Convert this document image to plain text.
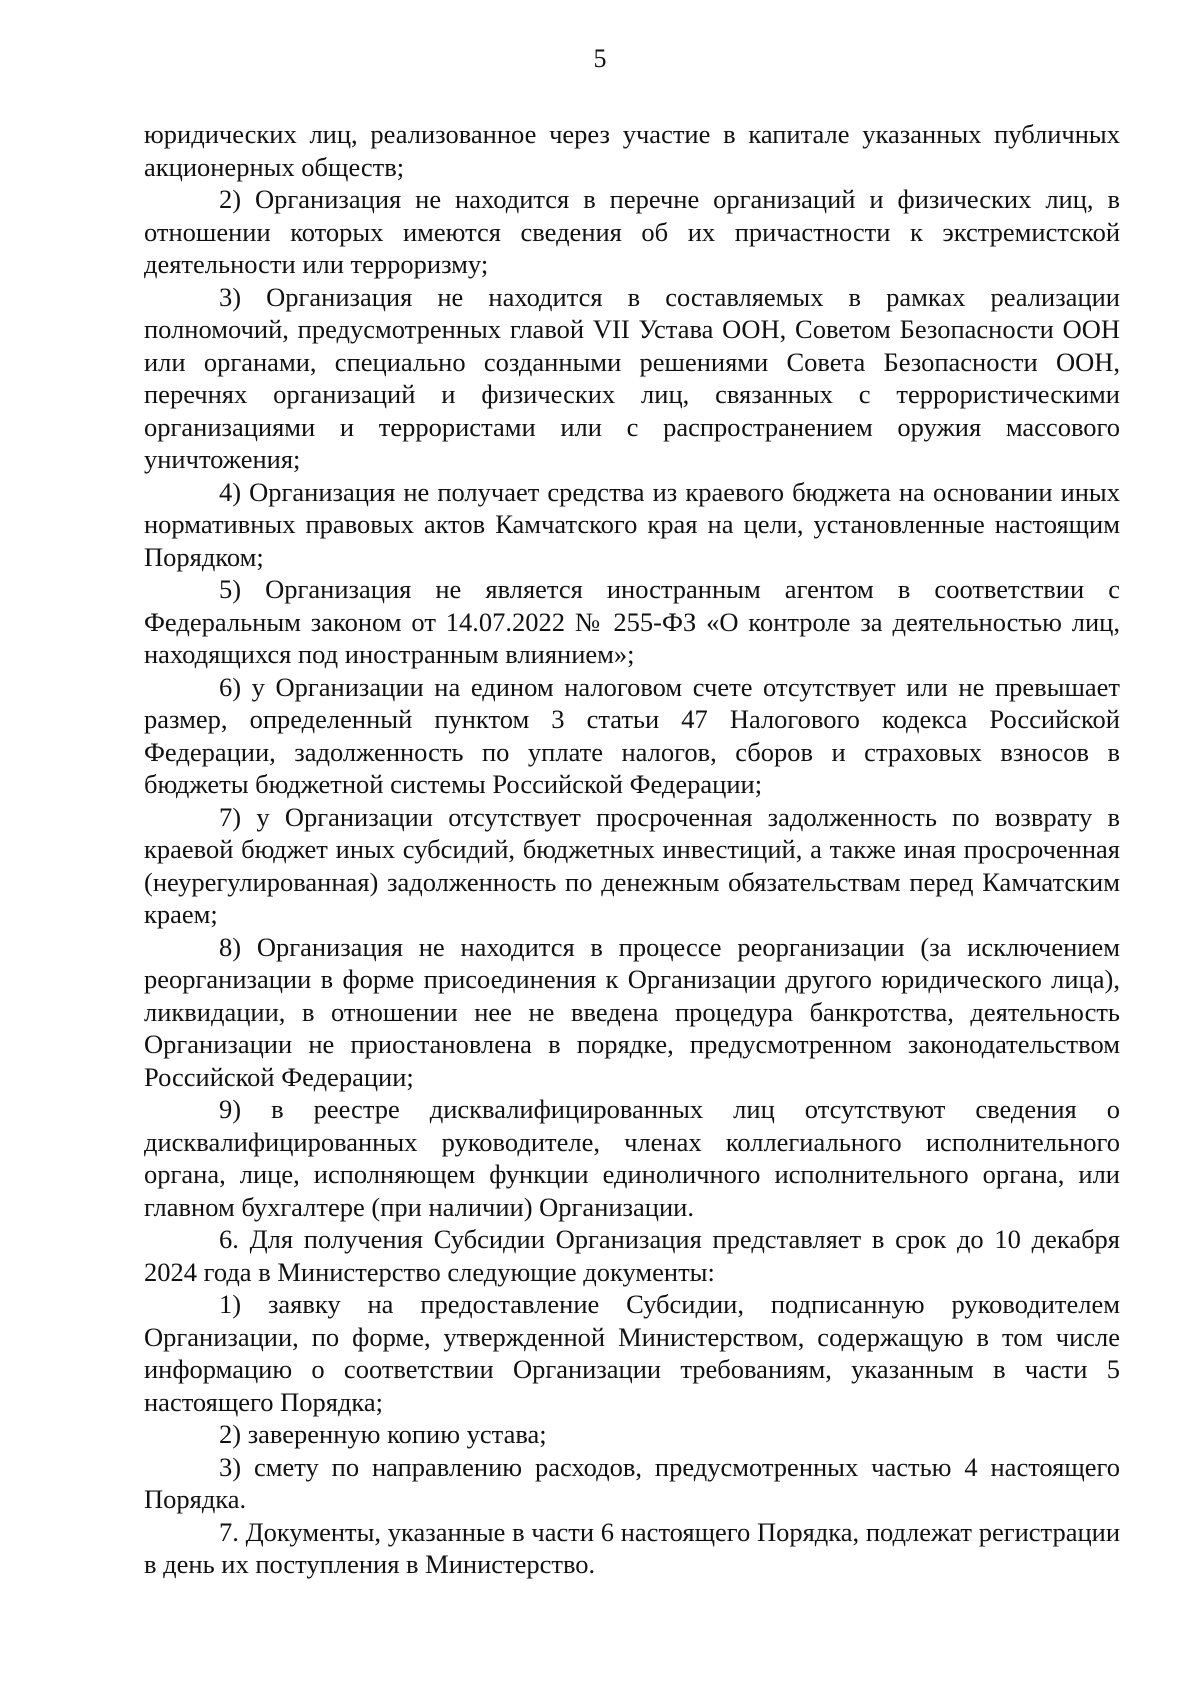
5

юридических лиц, реализованное через участие в капитале указанных публичных акционерных обществ;

2) Организация не находится в перечне организаций и физических лиц, в отношении которых имеются сведения об их причастности к экстремистской деятельности или терроризму;

3) Организация не находится в составляемых в рамках реализации полномочий, предусмотренных главой VII Устава ООН, Советом Безопасности ООН или органами, специально созданными решениями Совета Безопасности ООН, перечнях организаций и физических лиц, связанных с террористическими организациями и террористами или с распространением оружия массового уничтожения;

4) Организация не получает средства из краевого бюджета на основании иных нормативных правовых актов Камчатского края на цели, установленные настоящим Порядком;

5) Организация не является иностранным агентом в соответствии с Федеральным законом от 14.07.2022 № 255-ФЗ «О контроле за деятельностью лиц, находящихся под иностранным влиянием»;

6) у Организации на едином налоговом счете отсутствует или не превышает размер, определенный пунктом 3 статьи 47 Налогового кодекса Российской Федерации, задолженность по уплате налогов, сборов и страховых взносов в бюджеты бюджетной системы Российской Федерации;

7) у Организации отсутствует просроченная задолженность по возврату в краевой бюджет иных субсидий, бюджетных инвестиций, а также иная просроченная (неурегулированная) задолженность по денежным обязательствам перед Камчатским краем;

8) Организация не находится в процессе реорганизации (за исключением реорганизации в форме присоединения к Организации другого юридического лица), ликвидации, в отношении нее не введена процедура банкротства, деятельность Организации не приостановлена в порядке, предусмотренном законодательством Российской Федерации;

9) в реестре дисквалифицированных лиц отсутствуют сведения о дисквалифицированных руководителе, членах коллегиального исполнительного органа, лице, исполняющем функции единоличного исполнительного органа, или главном бухгалтере (при наличии) Организации.

6. Для получения Субсидии Организация представляет в срок до 10 декабря 2024 года в Министерство следующие документы:

1) заявку на предоставление Субсидии, подписанную руководителем Организации, по форме, утвержденной Министерством, содержащую в том числе информацию о соответствии Организации требованиям, указанным в части 5 настоящего Порядка;

2) заверенную копию устава;

3) смету по направлению расходов, предусмотренных частью 4 настоящего Порядка.

7. Документы, указанные в части 6 настоящего Порядка, подлежат регистрации в день их поступления в Министерство.
